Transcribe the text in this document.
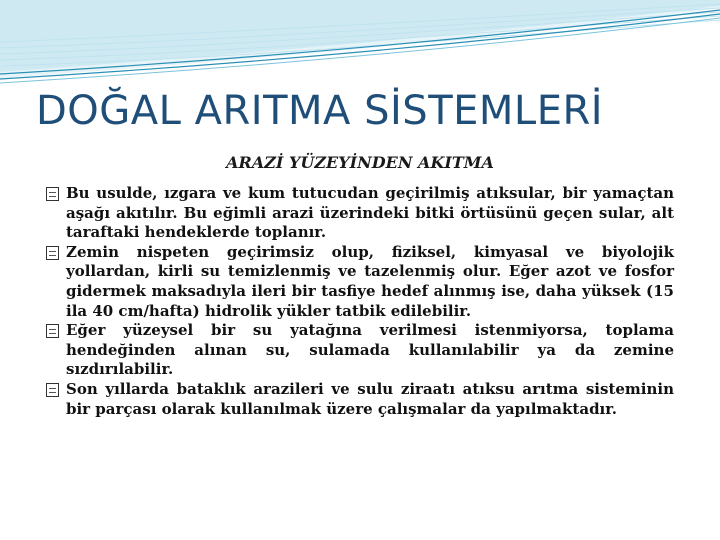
DOĞAL ARITMA SİSTEMLERİ
ARAZİ YÜZEYİNDEN AKITMA

Bu usulde, ızgara ve kum tutucudan geçirilmiş atıksular, bir yamaçtan aşağı akıtılır. Bu eğimli arazi üzerindeki bitki örtüsünü geçen sular, alt taraftaki hendeklerde toplanır.

Zemin nispeten geçirimsiz olup, fiziksel, kimyasal ve biyolojik yollardan, kirli su temizlenmiş ve tazelenmiş olur. Eğer azot ve fosfor gidermek maksadıyla ileri bir tasfiye hedef alınmış ise, daha yüksek (15 ila 40 cm/hafta) hidrolik yükler tatbik edilebilir.

Eğer yüzeysel bir su yatağına verilmesi istenmiyorsa, toplama hendeğinden alınan su, sulamada kullanılabilir ya da zemine sızdırılabilir.

Son yıllarda bataklık arazileri ve sulu ziraatı atıksu arıtma sisteminin bir parçası olarak kullanılmak üzere çalışmalar da yapılmaktadır.
